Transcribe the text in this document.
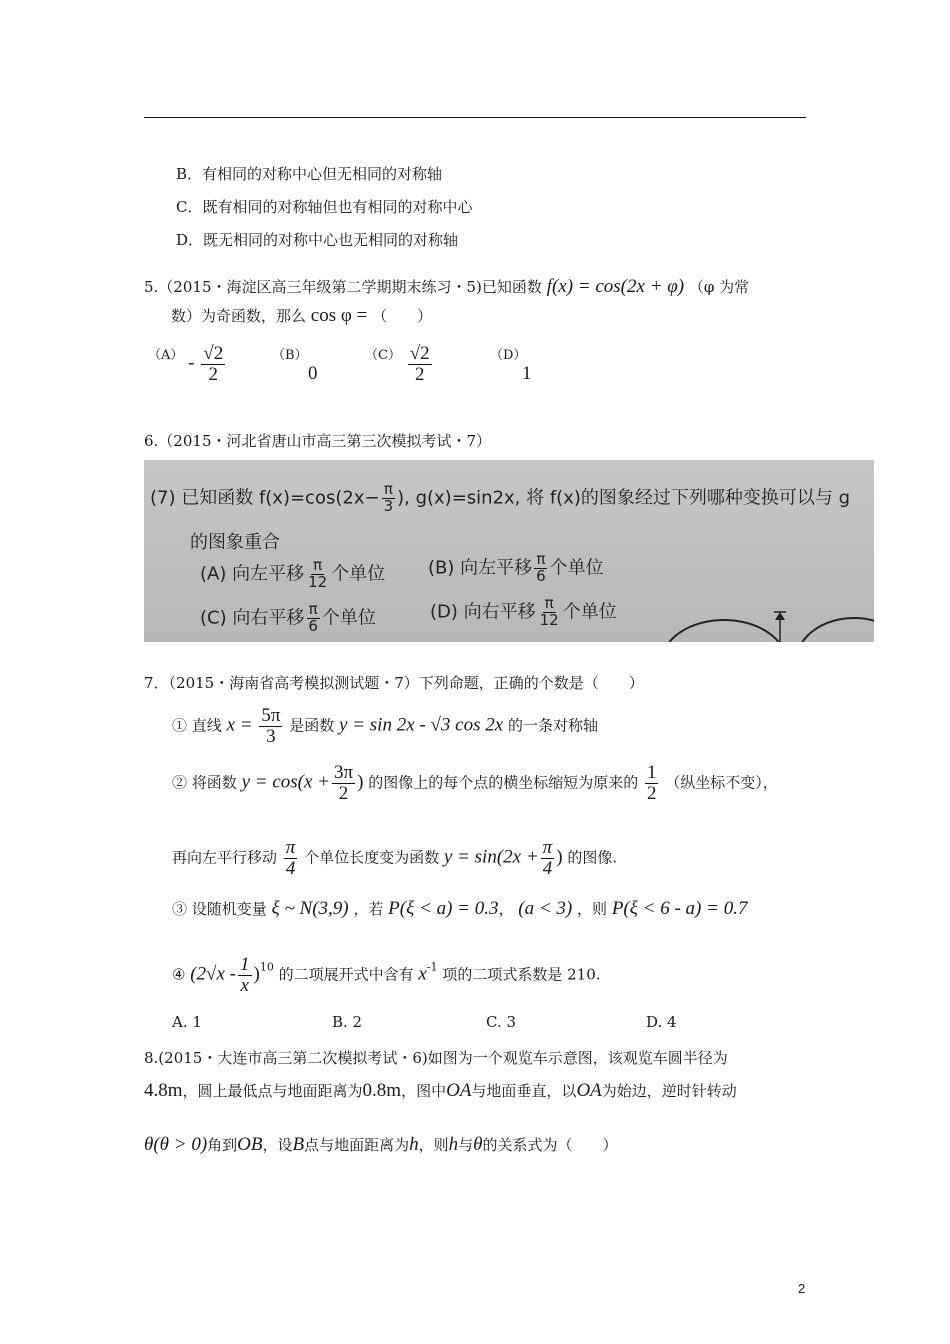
B．有相同的对称中心但无相同的对称轴
C．既有相同的对称轴但也有相同的对称中心
D．既无相同的对称中心也无相同的对称轴
5.（2015・海淀区高三年级第二学期期末练习・5)已知函数 f(x) = cos(2x + φ) （φ 为常
数）为奇函数，那么 cos φ = （　　）
$(A) - \frac{√2}{2}$	（B）
0
$(C) \frac{√2}{2}$	（D）
1
6.（2015・河北省唐山市高三第三次模拟考试・7）
(7) 已知函数 $f(x)=\cos(2x- \frac{\pi}{3}$ ), g(x)=sin2x, 将 f(x)的图象经过下列哪种变换可以与 g
的图象重合
(A) 向左平移 $\frac{\pi}{12}$ 个单位 (B) 向左平移 $\frac{\pi}{6}$ 个单位
(C) 向右平移 $\frac{\pi}{6}$ 个单位	(D) 向右平移 $\frac{\pi}{12}$ 个单位
7．（2015・海南省高考模拟测试题・7）下列命题，正确的个数是（　　）
① 直线 $x = \frac{5\pi}{3}$ 是函数 y = sin 2x - √3 cos 2x 的一条对称轴
② 将函数 $y = \cos(x + \frac{3\pi}{2}$ ) 的图像上的每个点的横坐标缩短为原来的 $\frac{1}{2}$ （纵坐标不变），
再向左平行移动 $\frac{\pi}{4}$ 个单位长度变为函数 $y = \sin(2x + \frac{\pi}{4}$ ) 的图像.
③ 设随机变量 ξ ~ N(3,9) ，若 P(ξ < a) = 0.3， (a < 3) ，则 P(ξ < 6 - a) = 0.7
④ $(2√x - \frac{1}{x} )^{10}$ 的二项展开式中含有 $x^{-1}$ 项的二项式系数是 210.
A. 1	B. 2	C. 3	D. 4
8.(2015・大连市高三第二次模拟考试・6)如图为一个观览车示意图，该观览车圆半径为
4.8m，圆上最低点与地面距离为0.8m，图中OA与地面垂直，以OA为始边，逆时针转动
θ(θ > 0)角到OB，设B点与地面距离为h，则h与θ的关系式为（　　）
2
